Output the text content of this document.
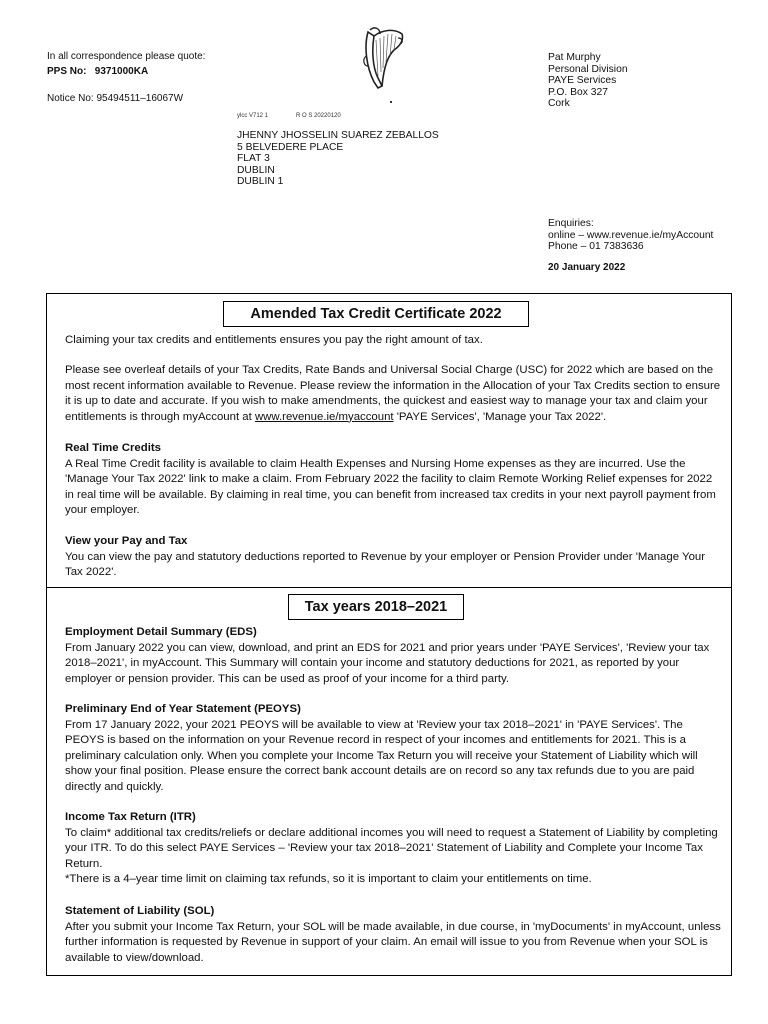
In all correspondence please quote:
PPS No: 9371000KA
Notice No: 95494511–16067W
ylcc V712 1	R O S 20220120
Pat Murphy
Personal Division
PAYE Services
P.O. Box 327
Cork
JHENNY JHOSSELIN SUAREZ ZEBALLOS
5 BELVEDERE PLACE
FLAT 3
DUBLIN
DUBLIN 1
Enquiries:
online – www.revenue.ie/myAccount
Phone – 01 7383636
20 January 2022
Amended Tax Credit Certificate 2022

Claiming your tax credits and entitlements ensures you pay the right amount of tax.

Please see overleaf details of your Tax Credits, Rate Bands and Universal Social Charge (USC) for 2022 which are based on the most recent information available to Revenue. Please review the information in the Allocation of your Tax Credits section to ensure it is up to date and accurate. If you wish to make amendments, the quickest and easiest way to manage your tax and claim your entitlements is through myAccount at www.revenue.ie/myaccount 'PAYE Services', 'Manage your Tax 2022'.

Real Time Credits
A Real Time Credit facility is available to claim Health Expenses and Nursing Home expenses as they are incurred. Use the 'Manage Your Tax 2022' link to make a claim. From February 2022 the facility to claim Remote Working Relief expenses for 2022 in real time will be available. By claiming in real time, you can benefit from increased tax credits in your next payroll payment from your employer.

View your Pay and Tax
You can view the pay and statutory deductions reported to Revenue by your employer or Pension Provider under 'Manage Your Tax 2022'.

Tax years 2018–2021

Employment Detail Summary (EDS)
From January 2022 you can view, download, and print an EDS for 2021 and prior years under 'PAYE Services', 'Review your tax 2018–2021', in myAccount. This Summary will contain your income and statutory deductions for 2021, as reported by your employer or pension provider. This can be used as proof of your income for a third party.

Preliminary End of Year Statement (PEOYS)
From 17 January 2022, your 2021 PEOYS will be available to view at 'Review your tax 2018–2021' in 'PAYE Services'. The PEOYS is based on the information on your Revenue record in respect of your incomes and entitlements for 2021. This is a preliminary calculation only. When you complete your Income Tax Return you will receive your Statement of Liability which will show your final position. Please ensure the correct bank account details are on record so any tax refunds due to you are paid directly and quickly.

Income Tax Return (ITR)
To claim* additional tax credits/reliefs or declare additional incomes you will need to request a Statement of Liability by completing your ITR. To do this select PAYE Services – 'Review your tax 2018–2021' Statement of Liability and Complete your Income Tax Return.
*There is a 4–year time limit on claiming tax refunds, so it is important to claim your entitlements on time.

Statement of Liability (SOL)
After you submit your Income Tax Return, your SOL will be made available, in due course, in 'myDocuments' in myAccount, unless further information is requested by Revenue in support of your claim. An email will issue to you from Revenue when your SOL is available to view/download.
